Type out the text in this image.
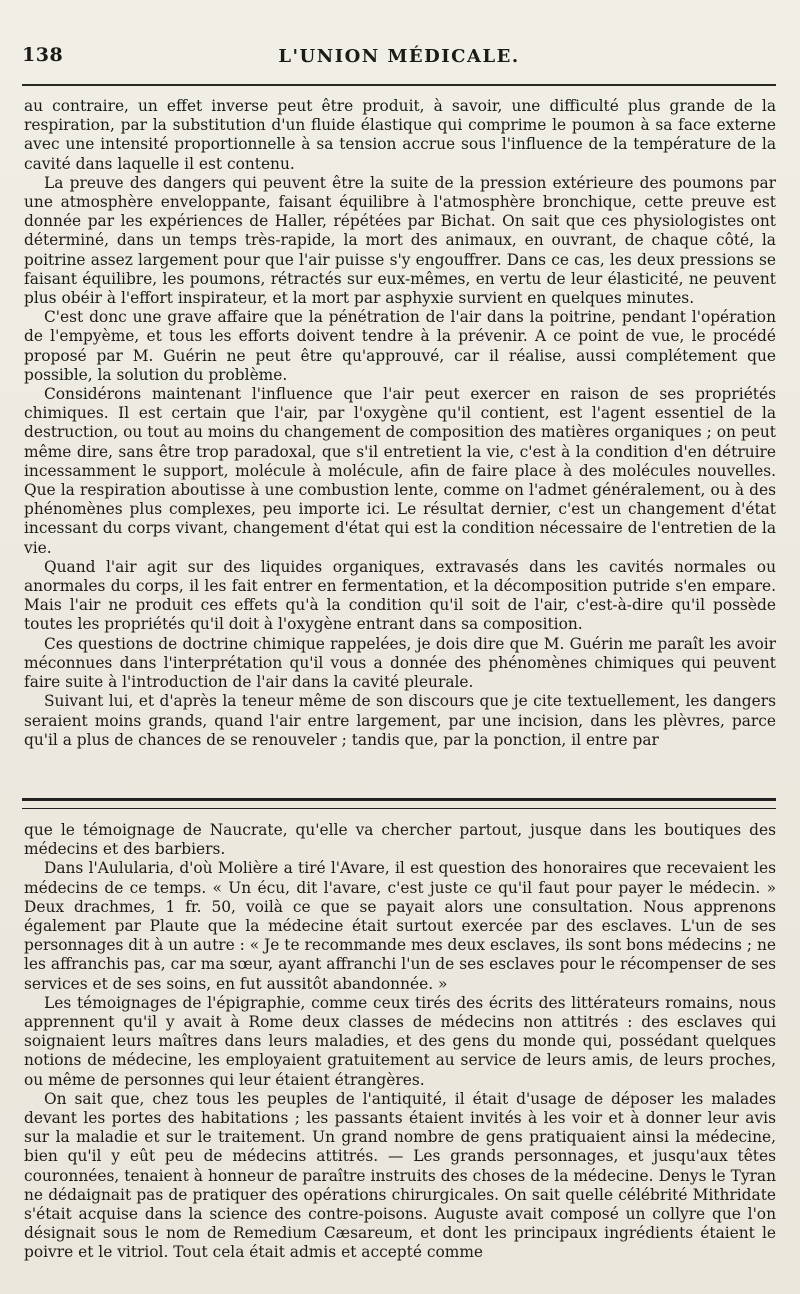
138	L'UNION MÉDICALE.

au contraire, un effet inverse peut être produit, à savoir, une difficulté plus grande de la respiration, par la substitution d'un fluide élastique qui comprime le poumon à sa face externe avec une intensité proportionnelle à sa tension accrue sous l'influence de la température de la cavité dans laquelle il est contenu.

La preuve des dangers qui peuvent être la suite de la pression extérieure des poumons par une atmosphère enveloppante, faisant équilibre à l'atmosphère bronchique, cette preuve est donnée par les expériences de Haller, répétées par Bichat. On sait que ces physiologistes ont déterminé, dans un temps très-rapide, la mort des animaux, en ouvrant, de chaque côté, la poitrine assez largement pour que l'air puisse s'y engouffrer. Dans ce cas, les deux pressions se faisant équilibre, les poumons, rétractés sur eux-mêmes, en vertu de leur élasticité, ne peuvent plus obéir à l'effort inspirateur, et la mort par asphyxie survient en quelques minutes.

C'est donc une grave affaire que la pénétration de l'air dans la poitrine, pendant l'opération de l'empyème, et tous les efforts doivent tendre à la prévenir. A ce point de vue, le procédé proposé par M. Guérin ne peut être qu'approuvé, car il réalise, aussi complétement que possible, la solution du problème.

Considérons maintenant l'influence que l'air peut exercer en raison de ses propriétés chimiques. Il est certain que l'air, par l'oxygène qu'il contient, est l'agent essentiel de la destruction, ou tout au moins du changement de composition des matières organiques ; on peut même dire, sans être trop paradoxal, que s'il entretient la vie, c'est à la condition d'en détruire incessamment le support, molécule à molécule, afin de faire place à des molécules nouvelles. Que la respiration aboutisse à une combustion lente, comme on l'admet généralement, ou à des phénomènes plus complexes, peu importe ici. Le résultat dernier, c'est un changement d'état incessant du corps vivant, changement d'état qui est la condition nécessaire de l'entretien de la vie.

Quand l'air agit sur des liquides organiques, extravasés dans les cavités normales ou anormales du corps, il les fait entrer en fermentation, et la décomposition putride s'en empare. Mais l'air ne produit ces effets qu'à la condition qu'il soit de l'air, c'est-à-dire qu'il possède toutes les propriétés qu'il doit à l'oxygène entrant dans sa composition.

Ces questions de doctrine chimique rappelées, je dois dire que M. Guérin me paraît les avoir méconnues dans l'interprétation qu'il vous a donnée des phénomènes chimiques qui peuvent faire suite à l'introduction de l'air dans la cavité pleurale.

Suivant lui, et d'après la teneur même de son discours que je cite textuellement, les dangers seraient moins grands, quand l'air entre largement, par une incision, dans les plèvres, parce qu'il a plus de chances de se renouveler ; tandis que, par la ponction, il entre par

que le témoignage de Naucrate, qu'elle va chercher partout, jusque dans les boutiques des médecins et des barbiers.

Dans l'Aulularia, d'où Molière a tiré l'Avare, il est question des honoraires que recevaient les médecins de ce temps. « Un écu, dit l'avare, c'est juste ce qu'il faut pour payer le médecin. » Deux drachmes, 1 fr. 50, voilà ce que se payait alors une consultation. Nous apprenons également par Plaute que la médecine était surtout exercée par des esclaves. L'un de ses personnages dit à un autre : « Je te recommande mes deux esclaves, ils sont bons médecins ; ne les affranchis pas, car ma sœur, ayant affranchi l'un de ses esclaves pour le récompenser de ses services et de ses soins, en fut aussitôt abandonnée. »

Les témoignages de l'épigraphie, comme ceux tirés des écrits des littérateurs romains, nous apprennent qu'il y avait à Rome deux classes de médecins non attitrés : des esclaves qui soignaient leurs maîtres dans leurs maladies, et des gens du monde qui, possédant quelques notions de médecine, les employaient gratuitement au service de leurs amis, de leurs proches, ou même de personnes qui leur étaient étrangères.

On sait que, chez tous les peuples de l'antiquité, il était d'usage de déposer les malades devant les portes des habitations ; les passants étaient invités à les voir et à donner leur avis sur la maladie et sur le traitement. Un grand nombre de gens pratiquaient ainsi la médecine, bien qu'il y eût peu de médecins attitrés. — Les grands personnages, et jusqu'aux têtes couronnées, tenaient à honneur de paraître instruits des choses de la médecine. Denys le Tyran ne dédaignait pas de pratiquer des opérations chirurgicales. On sait quelle célébrité Mithridate s'était acquise dans la science des contre-poisons. Auguste avait composé un collyre que l'on désignait sous le nom de Remedium Cæsareum, et dont les principaux ingrédients étaient le poivre et le vitriol. Tout cela était admis et accepté comme
